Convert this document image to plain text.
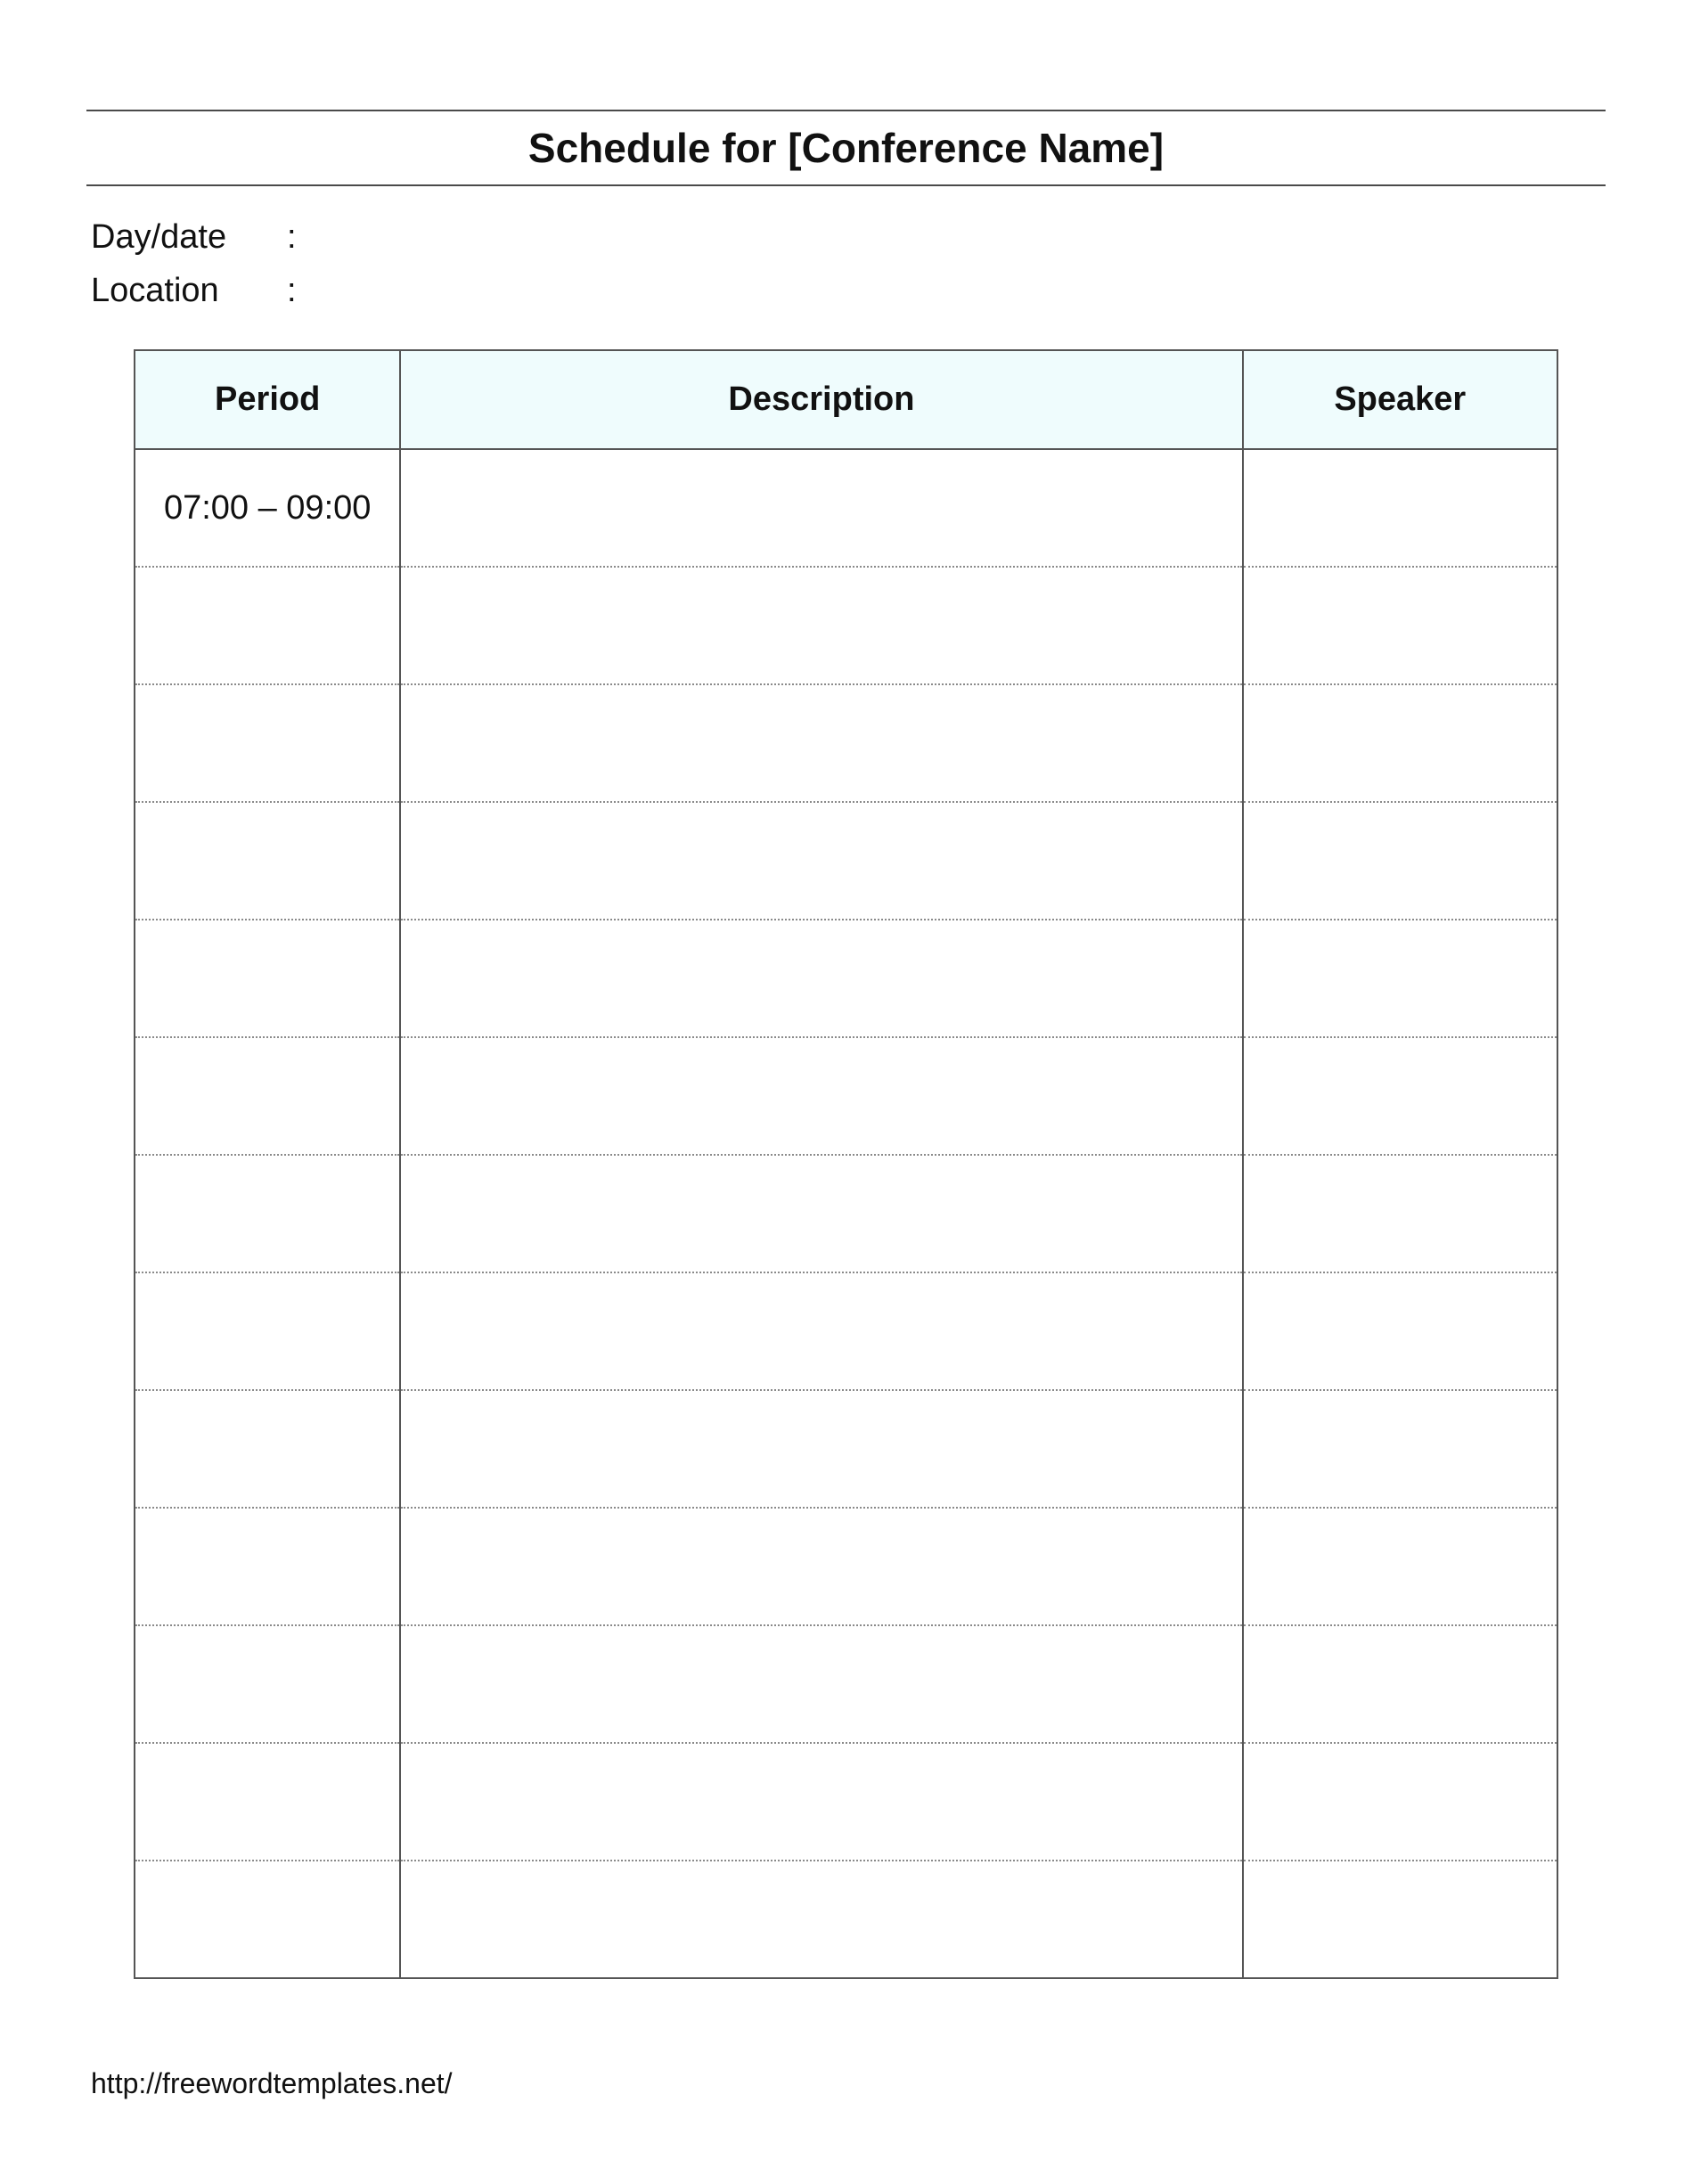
Schedule for [Conference Name]
Day/date :
Location :
Period	Description	Speaker
07:00 – 09:00		

http://freewordtemplates.net/
